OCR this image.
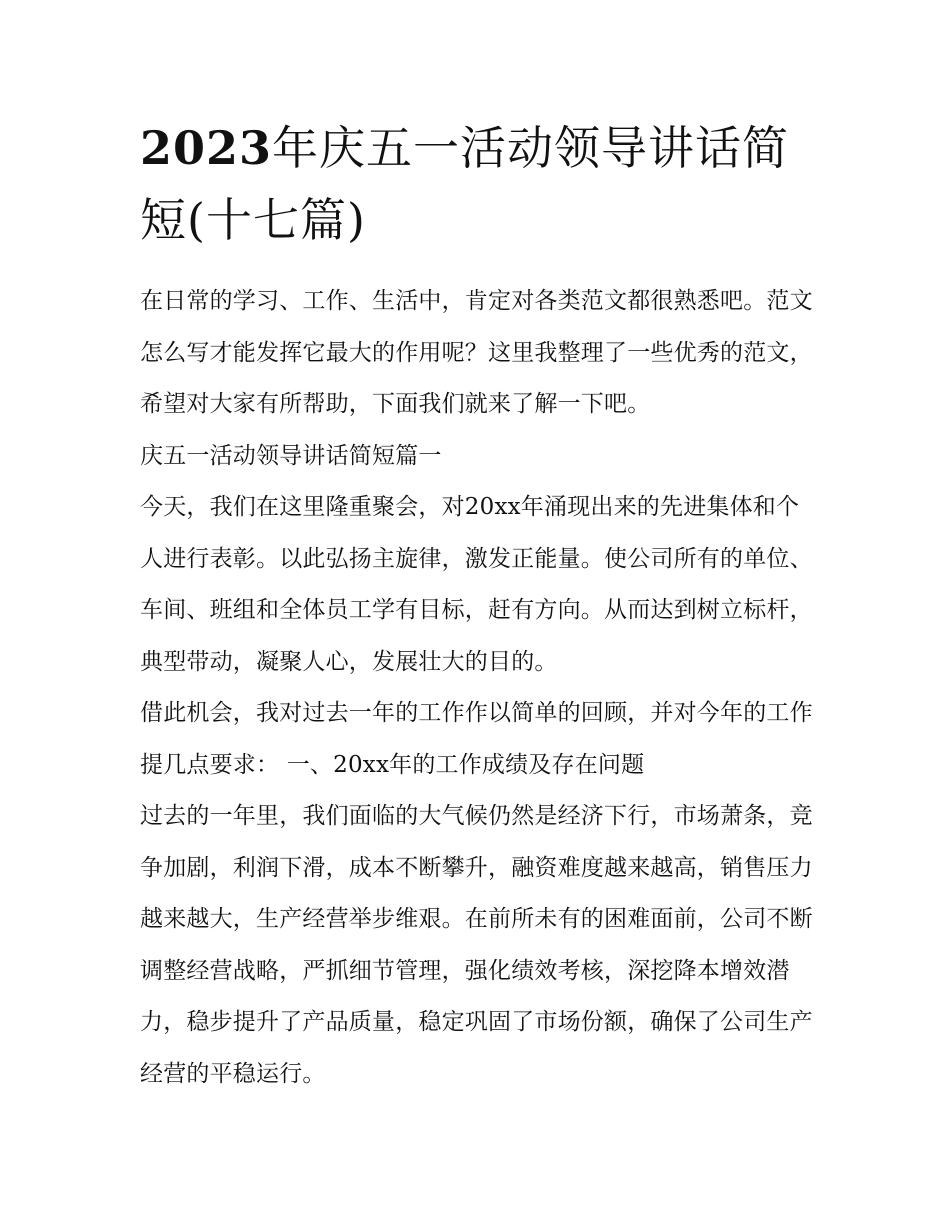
2023年庆五一活动领导讲话简短(十七篇)

在日常的学习、工作、生活中，肯定对各类范文都很熟悉吧。范文怎么写才能发挥它最大的作用呢？这里我整理了一些优秀的范文，希望对大家有所帮助，下面我们就来了解一下吧。

庆五一活动领导讲话简短篇一

今天，我们在这里隆重聚会，对20xx年涌现出来的先进集体和个人进行表彰。以此弘扬主旋律，激发正能量。使公司所有的单位、车间、班组和全体员工学有目标，赶有方向。从而达到树立标杆，典型带动，凝聚人心，发展壮大的目的。

借此机会，我对过去一年的工作作以简单的回顾，并对今年的工作提几点要求： 一、20xx年的工作成绩及存在问题

过去的一年里，我们面临的大气候仍然是经济下行，市场萧条，竞争加剧，利润下滑，成本不断攀升，融资难度越来越高，销售压力越来越大，生产经营举步维艰。在前所未有的困难面前，公司不断调整经营战略，严抓细节管理，强化绩效考核，深挖降本增效潜力，稳步提升了产品质量，稳定巩固了市场份额，确保了公司生产经营的平稳运行。
